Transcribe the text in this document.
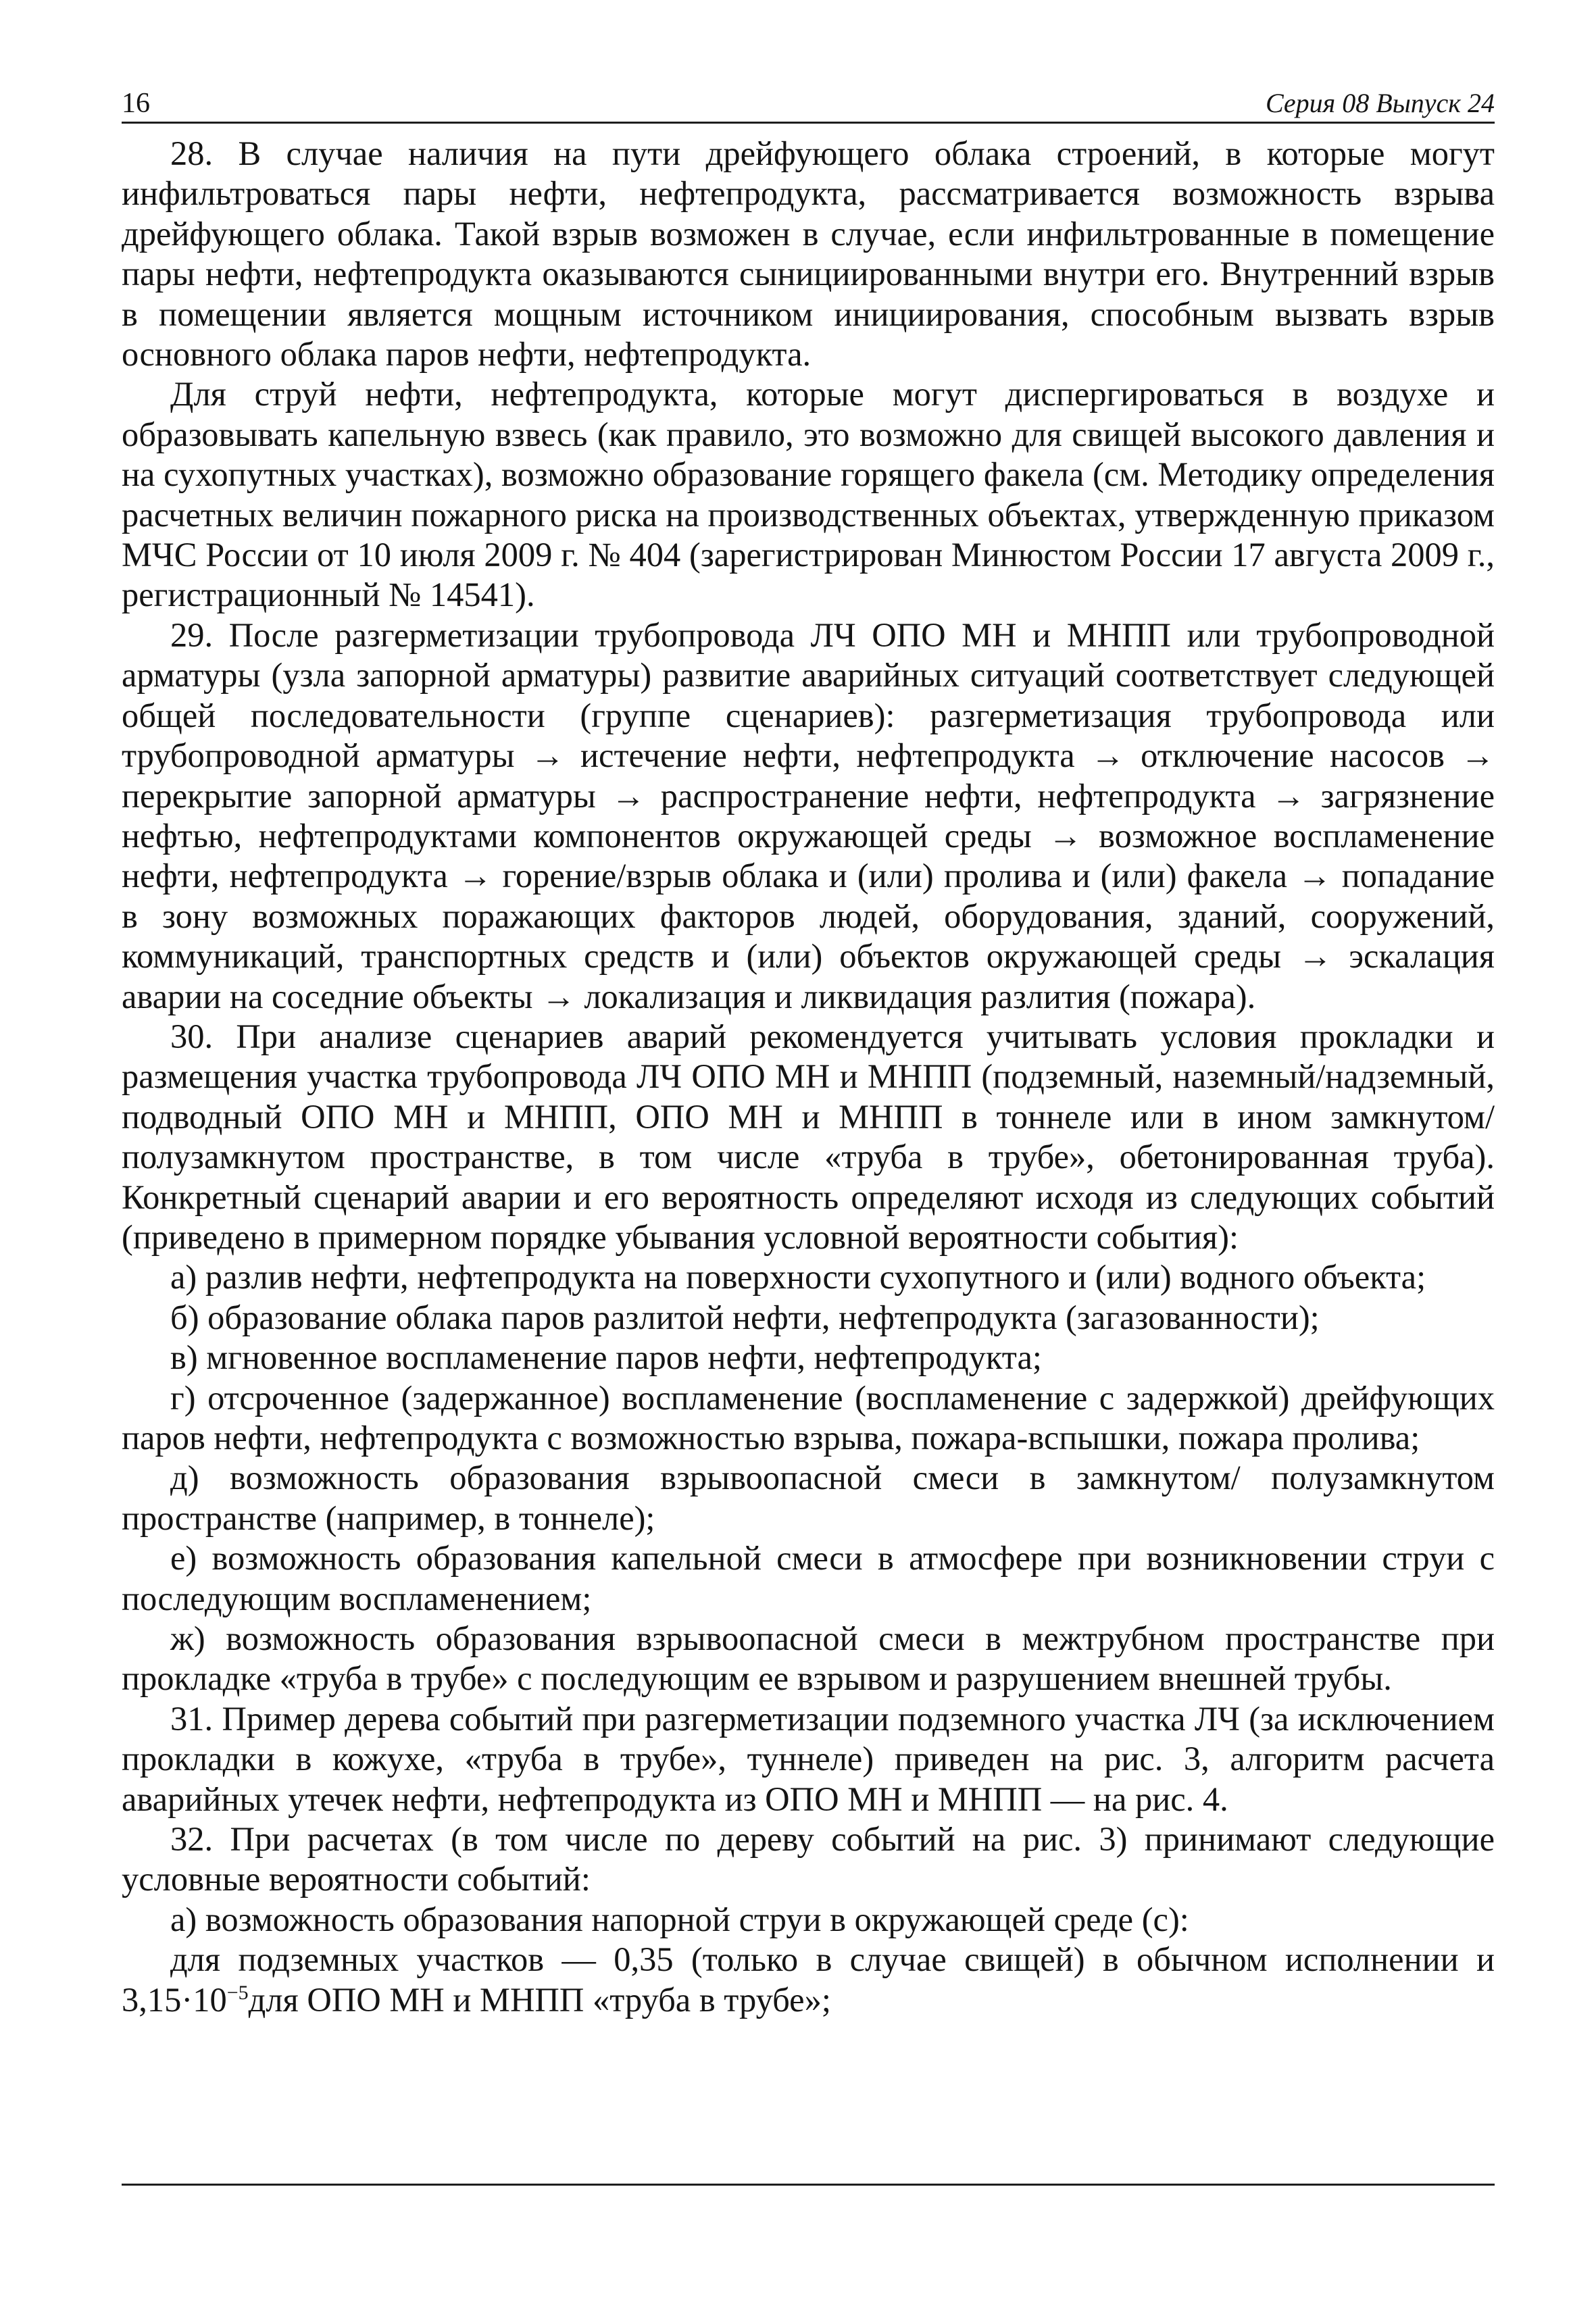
16	Серия 08 Выпуск 24

28. В случае наличия на пути дрейфующего облака строений, в которые могут инфильтроваться пары нефти, нефтепродукта, рассматривается возможность взрыва дрейфующего облака. Такой взрыв возможен в случае, если инфильтрованные в помещение пары нефти, нефтепродукта оказываются сынициированными внутри его. Внутренний взрыв в помещении является мощным источником инициирования, способным вызвать взрыв основного облака паров нефти, нефтепродукта.

Для струй нефти, нефтепродукта, которые могут диспергироваться в воздухе и образовывать капельную взвесь (как правило, это возможно для свищей высокого давления и на сухопутных участках), возможно образование горящего факела (см. Методику определения расчетных величин пожарного риска на производственных объектах, утвержденную приказом МЧС России от 10 июля 2009 г. № 404 (зарегистрирован Минюстом России 17 августа 2009 г., регистрационный № 14541).

29. После разгерметизации трубопровода ЛЧ ОПО МН и МНПП или трубопроводной арматуры (узла запорной арматуры) развитие аварийных ситуаций соответствует следующей общей последовательности (группе сценариев): разгерметизация трубопровода или трубопроводной арматуры → истечение нефти, нефтепродукта → отключение насосов → перекрытие запорной арматуры → распространение нефти, нефтепродукта → загрязнение нефтью, нефтепродуктами компонентов окружающей среды → возможное воспламенение нефти, нефтепродукта → горение/взрыв облака и (или) пролива и (или) факела → попадание в зону возможных поражающих факторов людей, оборудования, зданий, сооружений, коммуникаций, транспортных средств и (или) объектов окружающей среды → эскалация аварии на соседние объекты → локализация и ликвидация разлития (пожара).

30. При анализе сценариев аварий рекомендуется учитывать условия прокладки и размещения участка трубопровода ЛЧ ОПО МН и МНПП (подземный, наземный/надземный, подводный ОПО МН и МНПП, ОПО МН и МНПП в тоннеле или в ином замкнутом/полузамкнутом пространстве, в том числе «труба в трубе», обетонированная труба). Конкретный сценарий аварии и его вероятность определяют исходя из следующих событий (приведено в примерном порядке убывания условной вероятности события):

а) разлив нефти, нефтепродукта на поверхности сухопутного и (или) водного объекта;

б) образование облака паров разлитой нефти, нефтепродукта (загазованности);

в) мгновенное воспламенение паров нефти, нефтепродукта;

г) отсроченное (задержанное) воспламенение (воспламенение с задержкой) дрейфующих паров нефти, нефтепродукта с возможностью взрыва, пожара-вспышки, пожара пролива;

д) возможность образования взрывоопасной смеси в замкнутом/ полузамкнутом пространстве (например, в тоннеле);

е) возможность образования капельной смеси в атмосфере при возникновении струи с последующим воспламенением;

ж) возможность образования взрывоопасной смеси в межтрубном пространстве при прокладке «труба в трубе» с последующим ее взрывом и разрушением внешней трубы.

31. Пример дерева событий при разгерметизации подземного участка ЛЧ (за исключением прокладки в кожухе, «труба в трубе», туннеле) приведен на рис. 3, алгоритм расчета аварийных утечек нефти, нефтепродукта из ОПО МН и МНПП — на рис. 4.

32. При расчетах (в том числе по дереву событий на рис. 3) принимают следующие условные вероятности событий:

а) возможность образования напорной струи в окружающей среде (с):

для подземных участков — 0,35 (только в случае свищей) в обычном исполнении и $3,15\cdot 10^{-5}для$ ОПО МН и МНПП «труба в трубе»;
